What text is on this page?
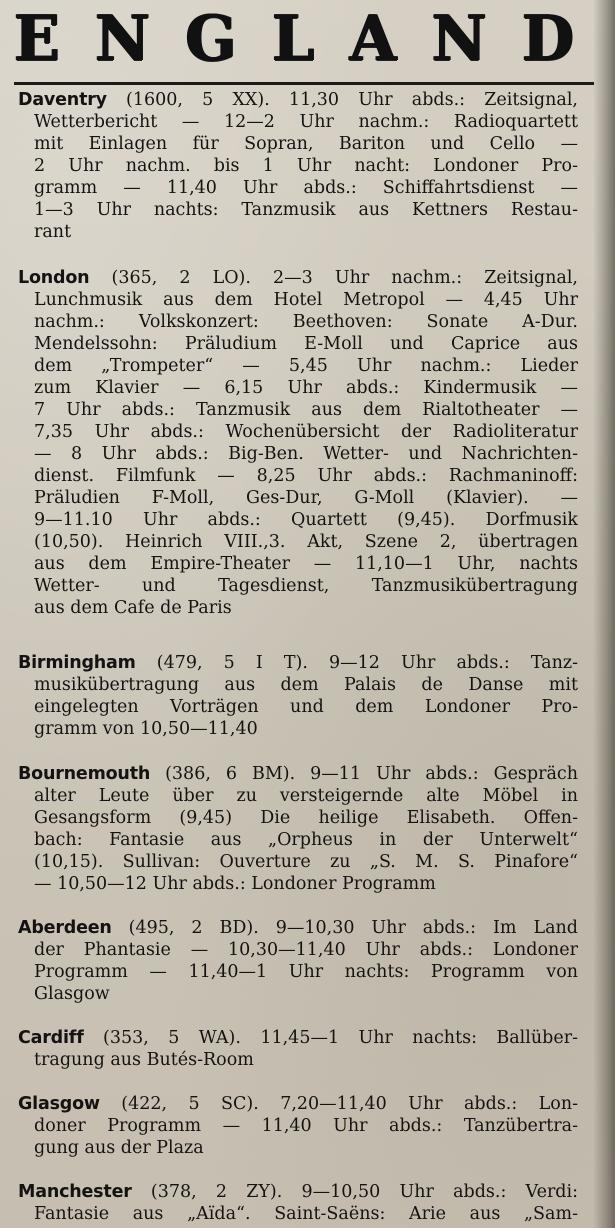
E N G L A N D
Daventry (1600, 5 XX). 11,30 Uhr abds.: Zeitsignal,
Wetterbericht — 12—2 Uhr nachm.: Radioquartett
mit Einlagen für Sopran, Bariton und Cello —
2 Uhr nachm. bis 1 Uhr nacht: Londoner Pro-
gramm — 11,40 Uhr abds.: Schiffahrtsdienst —
1—3 Uhr nachts: Tanzmusik aus Kettners Restau-
rant
London (365, 2 LO). 2—3 Uhr nachm.: Zeitsignal,
Lunchmusik aus dem Hotel Metropol — 4,45 Uhr
nachm.: Volkskonzert: Beethoven: Sonate A-Dur.
Mendelssohn: Präludium E-Moll und Caprice aus
dem „Trompeter“ — 5,45 Uhr nachm.: Lieder
zum Klavier — 6,15 Uhr abds.: Kindermusik —
7 Uhr abds.: Tanzmusik aus dem Rialtotheater —
7,35 Uhr abds.: Wochenübersicht der Radioliteratur
— 8 Uhr abds.: Big-Ben. Wetter- und Nachrichten-
dienst. Filmfunk — 8,25 Uhr abds.: Rachmaninoff:
Präludien F-Moll, Ges-Dur, G-Moll (Klavier). —
9—11.10 Uhr abds.: Quartett (9,45). Dorfmusik
(10,50). Heinrich VIII.,3. Akt, Szene 2, übertragen
aus dem Empire-Theater — 11,10—1 Uhr, nachts
Wetter- und Tagesdienst, Tanzmusikübertragung
aus dem Cafe de Paris
Birmingham (479, 5 I T). 9—12 Uhr abds.: Tanz-
musikübertragung aus dem Palais de Danse mit
eingelegten Vorträgen und dem Londoner Pro-
gramm von 10,50—11,40
Bournemouth (386, 6 BM). 9—11 Uhr abds.: Gespräch
alter Leute über zu versteigernde alte Möbel in
Gesangsform (9,45) Die heilige Elisabeth. Offen-
bach: Fantasie aus „Orpheus in der Unterwelt“
(10,15). Sullivan: Ouverture zu „S. M. S. Pinafore“
— 10,50—12 Uhr abds.: Londoner Programm
Aberdeen (495, 2 BD). 9—10,30 Uhr abds.: Im Land
der Phantasie — 10,30—11,40 Uhr abds.: Londoner
Programm — 11,40—1 Uhr nachts: Programm von
Glasgow
Cardiff (353, 5 WA). 11,45—1 Uhr nachts: Ballüber-
tragung aus Butés-Room
Glasgow (422, 5 SC). 7,20—11,40 Uhr abds.: Lon-
doner Programm — 11,40 Uhr abds.: Tanzübertra-
gung aus der Plaza
Manchester (378, 2 ZY). 9—10,50 Uhr abds.: Verdi:
Fantasie aus „Aïda“. Saint-Saëns: Arie aus „Sam-
